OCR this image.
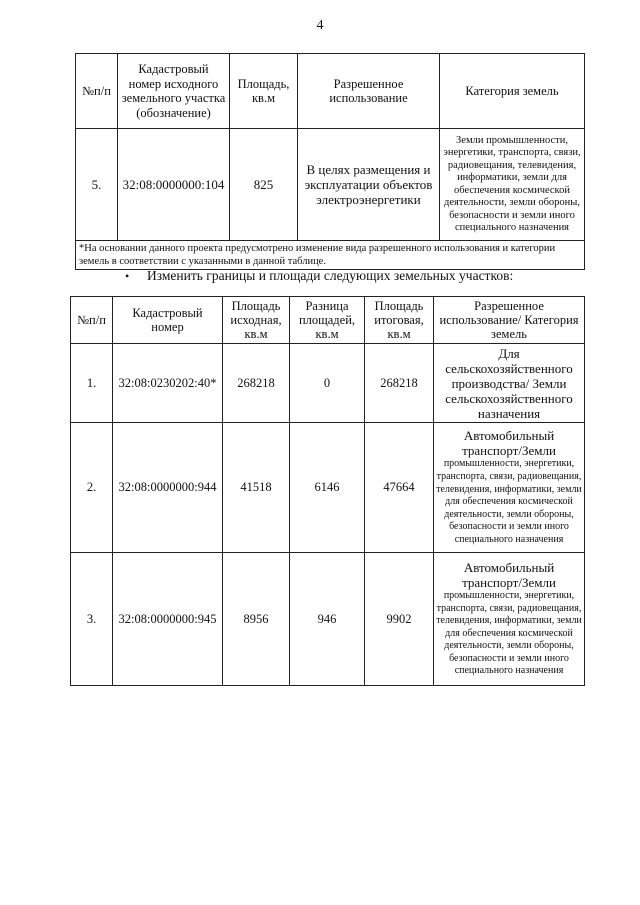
4
№п/п	Кадастровый номер исходного земельного участка (обозначение)	Площадь, кв.м	Разрешенное использование	Категория земель
5.	32:08:0000000:104	825	В целях размещения и эксплуатации объектов электроэнергетики	Земли промышленности, энергетики, транспорта, связи, радиовещания, телевидения, информатики, земли для обеспечения космической деятельности, земли обороны, безопасности и земли иного специального назначения
*На основании данного проекта предусмотрено изменение вида разрешенного использования и категории земель в соответствии с указанными в данной таблице.				
• Изменить границы и площади следующих земельных участков:
№п/п	Кадастровый номер	Площадь исходная, кв.м	Разница площадей, кв.м	Площадь итоговая, кв.м	Разрешенное использование/ Категория земель
1.	32:08:0230202:40*	268218	0	268218	Для сельскохозяйственного производства/ Земли сельскохозяйственного назначения

2.	32:08:0000000:944	41518	6146	47664	Автомобильный транспорт/Земли
промышленности, энергетики, транспорта, связи, радиовещания, телевидения, информатики, земли для обеспечения космической деятельности, земли обороны, безопасности и земли иного специального назначения

3.	32:08:0000000:945	8956	946	9902	Автомобильный транспорт/Земли
промышленности, энергетики, транспорта, связи, радиовещания, телевидения, информатики, земли для обеспечения космической деятельности, земли обороны, безопасности и земли иного специального назначения
